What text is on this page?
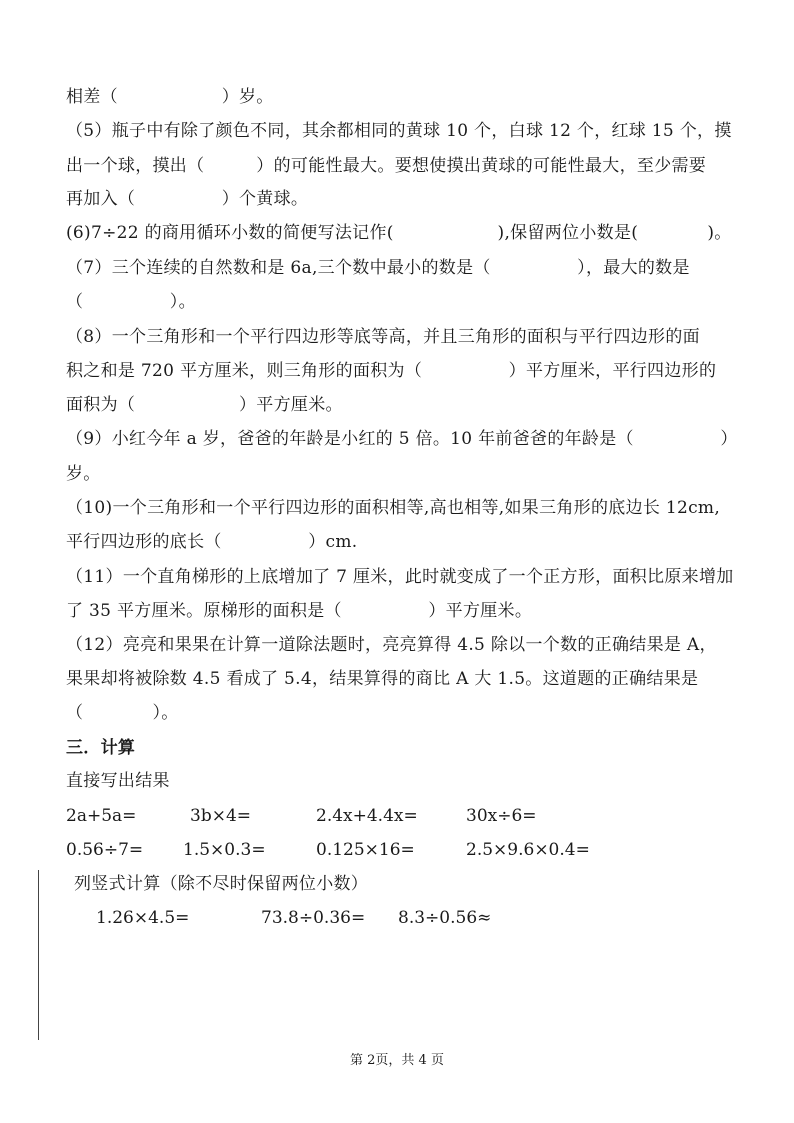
相差（　　　　　　）岁。
（5）瓶子中有除了颜色不同，其余都相同的黄球 10 个，白球 12 个，红球 15 个，摸
出一个球，摸出（　　　）的可能性最大。要想使摸出黄球的可能性最大，至少需要
再加入（　　　　　）个黄球。
(6)7÷22 的商用循环小数的简便写法记作(　　　　　　),保留两位小数是(　　　　)。
（7）三个连续的自然数和是 6a,三个数中最小的数是（　　　　　），最大的数是
（　　　　　）。
（8）一个三角形和一个平行四边形等底等高，并且三角形的面积与平行四边形的面
积之和是 720 平方厘米，则三角形的面积为（　　　　　）平方厘米，平行四边形的
面积为（　　　　　　）平方厘米。
（9）小红今年 a 岁，爸爸的年龄是小红的 5 倍。10 年前爸爸的年龄是（　　　　　）
岁。
（10)一个三角形和一个平行四边形的面积相等,高也相等,如果三角形的底边长 12cm,
平行四边形的底长（　　　　　）cm.
（11）一个直角梯形的上底增加了 7 厘米，此时就变成了一个正方形，面积比原来增加
了 35 平方厘米。原梯形的面积是（　　　　　）平方厘米。
（12）亮亮和果果在计算一道除法题时，亮亮算得 4.5 除以一个数的正确结果是 A，
果果却将被除数 4.5 看成了 5.4，结果算得的商比 A 大 1.5。这道题的正确结果是
（　　　　）。
三．计算
直接写出结果
2a+5a=	3b×4=	2.4x+4.4x=	30x÷6=
0.56÷7= 1.5×0.3=	0.125×16=	2.5×9.6×0.4=
列竖式计算（除不尽时保留两位小数）
1.26×4.5=	73.8÷0.36= 8.3÷0.56≈
第 2页，共 4 页
